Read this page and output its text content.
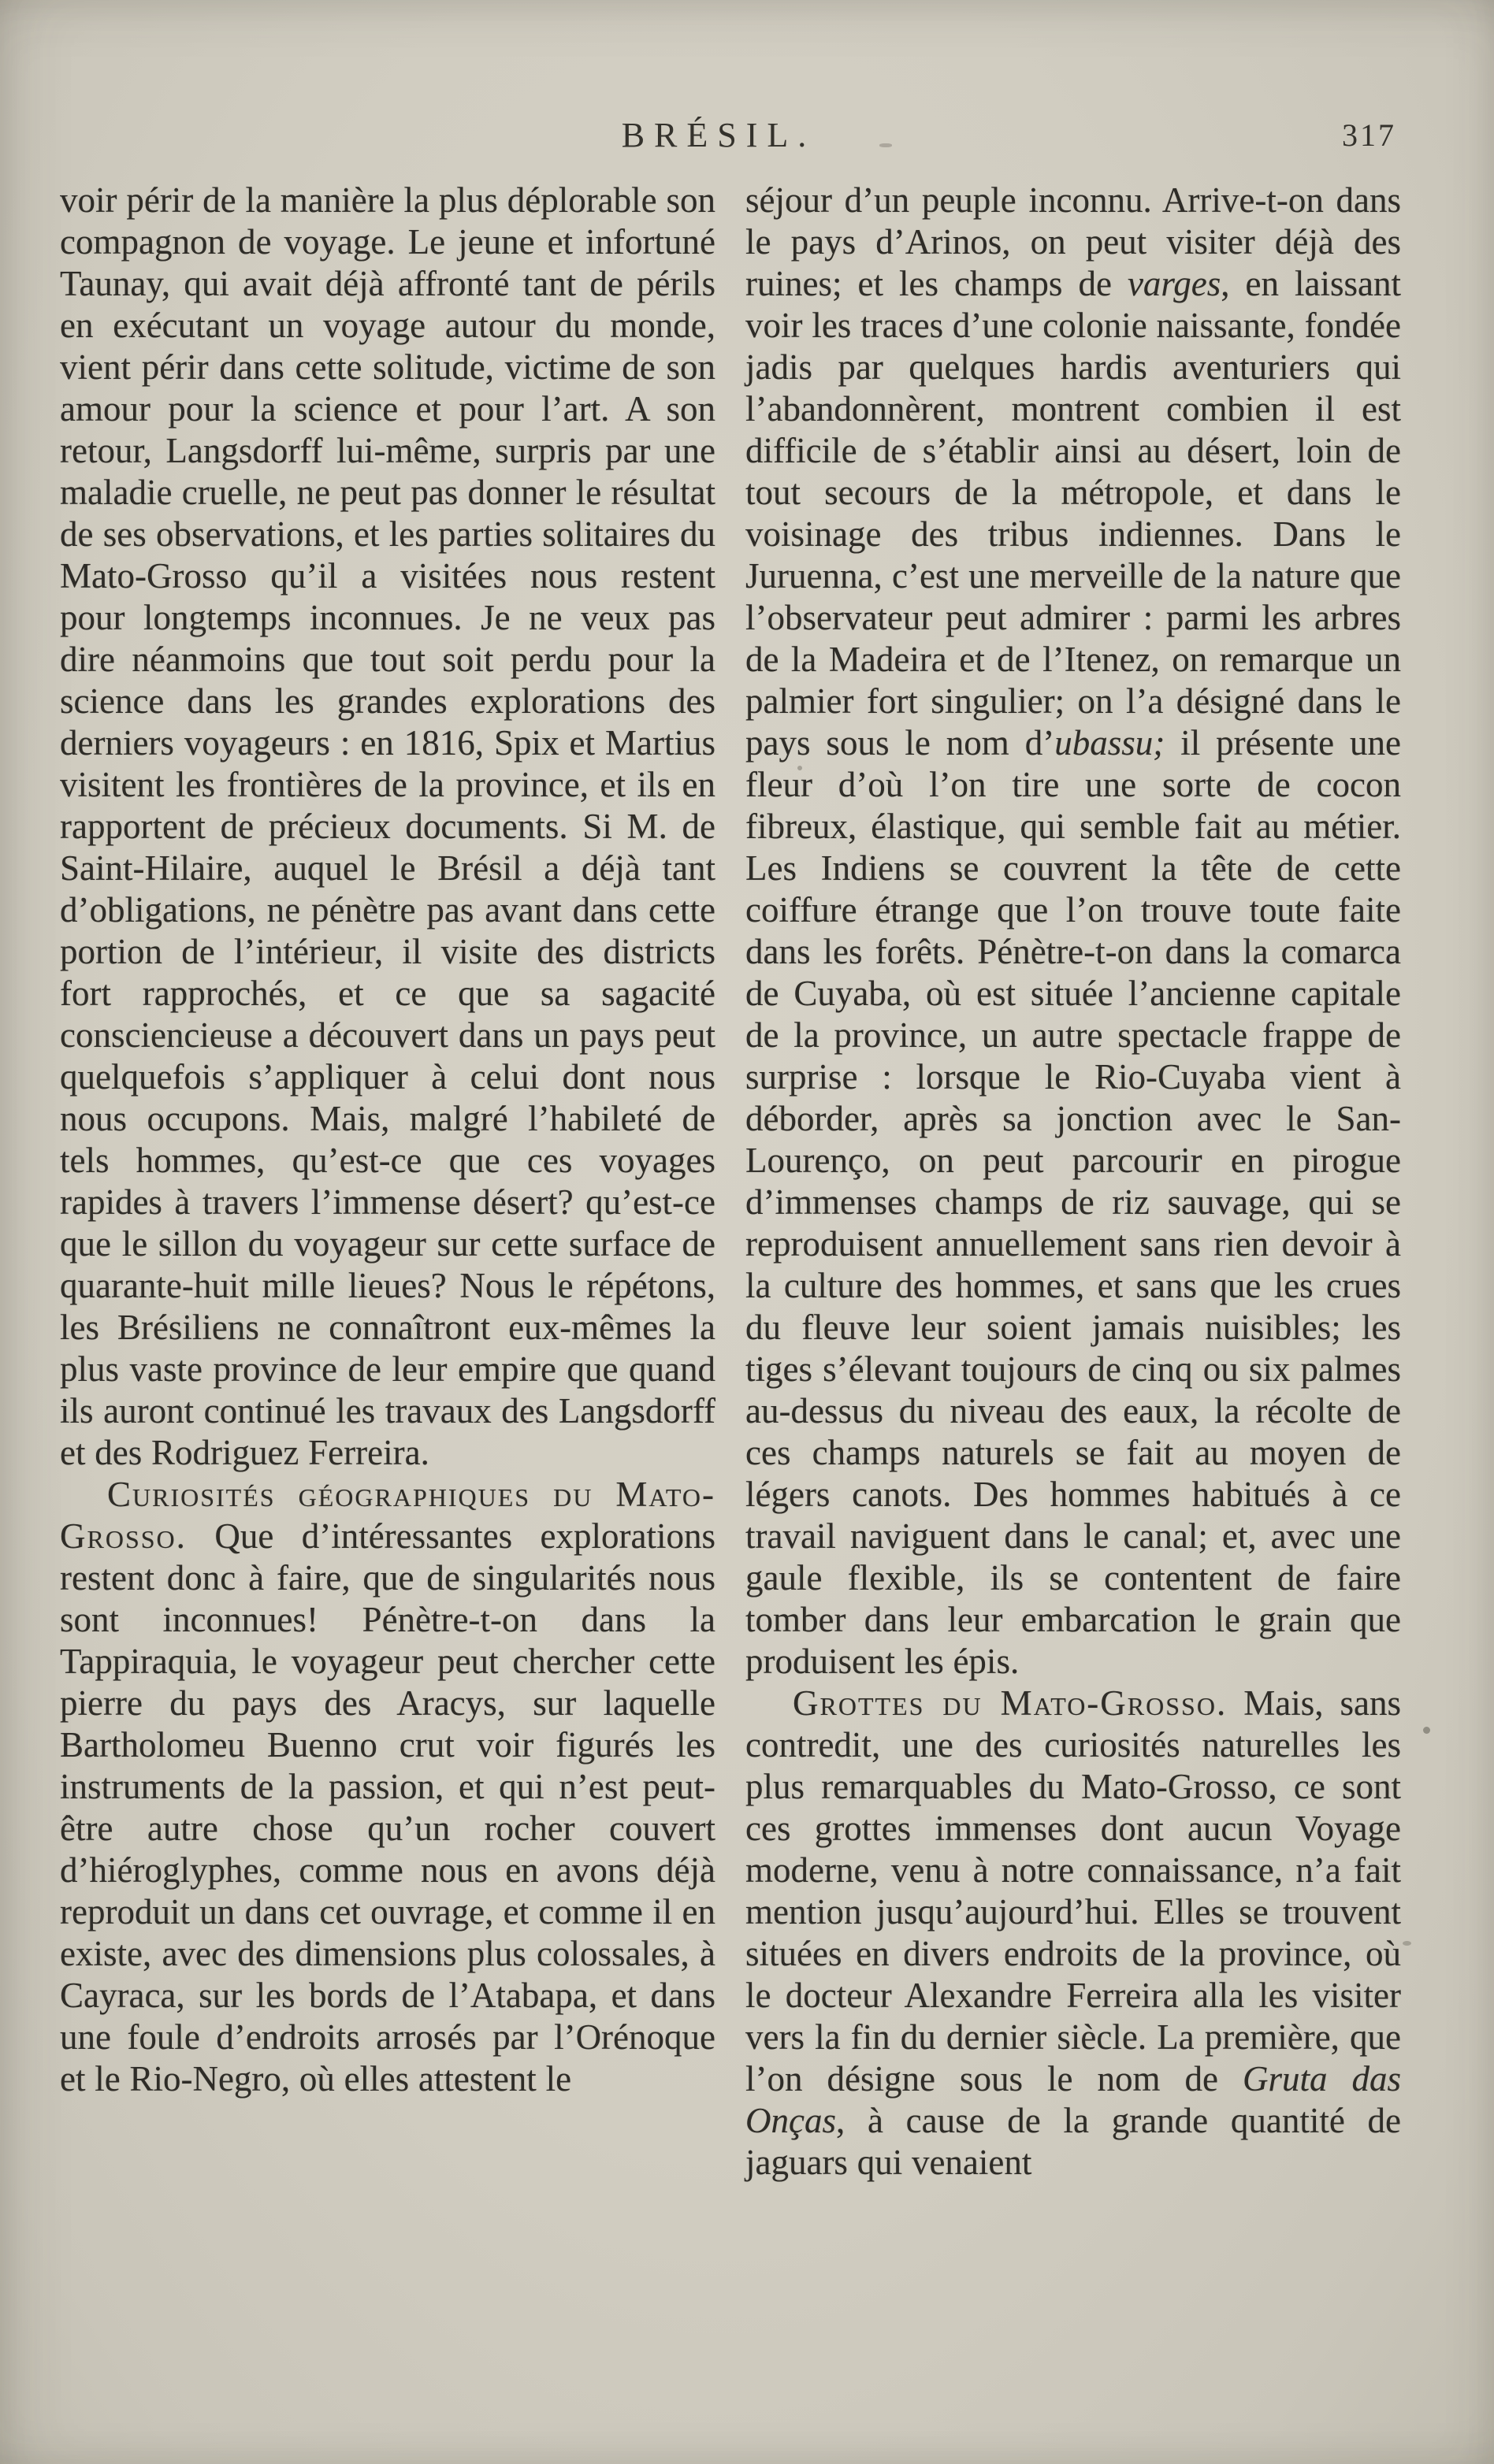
BRÉSIL.	317

voir périr de la manière la plus déplorable son compagnon de voyage. Le jeune et infortuné Taunay, qui avait déjà affronté tant de périls en exécutant un voyage autour du monde, vient périr dans cette solitude, victime de son amour pour la science et pour l’art. A son retour, Langsdorff lui-même, surpris par une maladie cruelle, ne peut pas donner le résultat de ses observations, et les parties solitaires du Mato-Grosso qu’il a visitées nous restent pour longtemps inconnues. Je ne veux pas dire néanmoins que tout soit perdu pour la science dans les grandes explorations des derniers voyageurs : en 1816, Spix et Martius visitent les frontières de la province, et ils en rapportent de précieux documents. Si M. de Saint-Hilaire, auquel le Brésil a déjà tant d’obligations, ne pénètre pas avant dans cette portion de l’intérieur, il visite des districts fort rapprochés, et ce que sa sagacité consciencieuse a découvert dans un pays peut quelquefois s’appliquer à celui dont nous nous occupons. Mais, malgré l’habileté de tels hommes, qu’est-ce que ces voyages rapides à travers l’immense désert? qu’est-ce que le sillon du voyageur sur cette surface de quarante-huit mille lieues? Nous le répétons, les Brésiliens ne connaîtront eux-mêmes la plus vaste province de leur empire que quand ils auront continué les travaux des Langsdorff et des Rodriguez Ferreira.

Curiosités géographiques du Mato-Grosso. Que d’intéressantes explorations restent donc à faire, que de singularités nous sont inconnues! Pénètre-t-on dans la Tappiraquia, le voyageur peut chercher cette pierre du pays des Aracys, sur laquelle Bartholomeu Buenno crut voir figurés les instruments de la passion, et qui n’est peut-être autre chose qu’un rocher couvert d’hiéroglyphes, comme nous en avons déjà reproduit un dans cet ouvrage, et comme il en existe, avec des dimensions plus colossales, à Cayraca, sur les bords de l’Atabapa, et dans une foule d’endroits arrosés par l’Orénoque et le Rio-Negro, où elles attestent le

séjour d’un peuple inconnu. Arrive-t-on dans le pays d’Arinos, on peut visiter déjà des ruines; et les champs de varges, en laissant voir les traces d’une colonie naissante, fondée jadis par quelques hardis aventuriers qui l’abandonnèrent, montrent combien il est difficile de s’établir ainsi au désert, loin de tout secours de la métropole, et dans le voisinage des tribus indiennes. Dans le Juruenna, c’est une merveille de la nature que l’observateur peut admirer : parmi les arbres de la Madeira et de l’Itenez, on remarque un palmier fort singulier; on l’a désigné dans le pays sous le nom d’ubassu; il présente une fleur d’où l’on tire une sorte de cocon fibreux, élastique, qui semble fait au métier. Les Indiens se couvrent la tête de cette coiffure étrange que l’on trouve toute faite dans les forêts. Pénètre-t-on dans la comarca de Cuyaba, où est située l’ancienne capitale de la province, un autre spectacle frappe de surprise : lorsque le Rio-Cuyaba vient à déborder, après sa jonction avec le San-Lourenço, on peut parcourir en pirogue d’immenses champs de riz sauvage, qui se reproduisent annuellement sans rien devoir à la culture des hommes, et sans que les crues du fleuve leur soient jamais nuisibles; les tiges s’élevant toujours de cinq ou six palmes au-dessus du niveau des eaux, la récolte de ces champs naturels se fait au moyen de légers canots. Des hommes habitués à ce travail naviguent dans le canal; et, avec une gaule flexible, ils se contentent de faire tomber dans leur embarcation le grain que produisent les épis.

Grottes du Mato-Grosso. Mais, sans contredit, une des curiosités naturelles les plus remarquables du Mato-Grosso, ce sont ces grottes immenses dont aucun Voyage moderne, venu à notre connaissance, n’a fait mention jusqu’aujourd’hui. Elles se trouvent situées en divers endroits de la province, où le docteur Alexandre Ferreira alla les visiter vers la fin du dernier siècle. La première, que l’on désigne sous le nom de Gruta das Onças, à cause de la grande quantité de jaguars qui venaient
